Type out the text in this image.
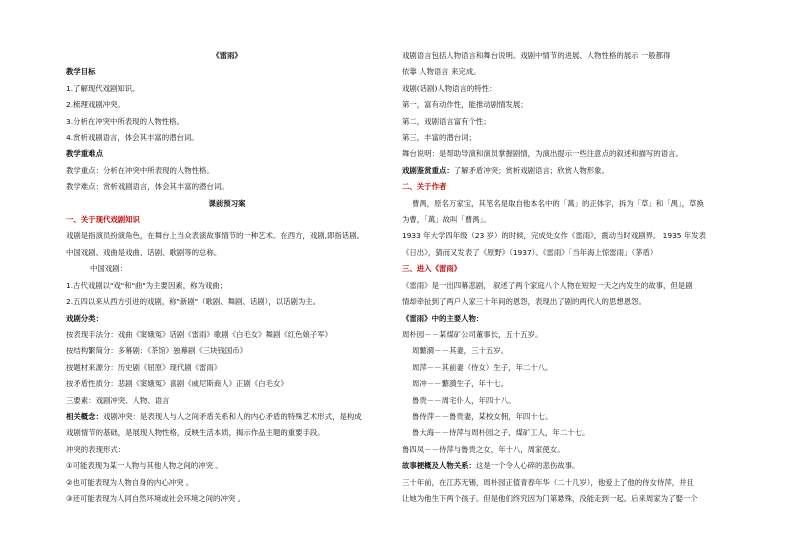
《雷雨》
教学目标
1.了解现代戏剧知识。
2.梳理戏剧冲突。
3.分析在冲突中所表现的人物性格。
4.赏析戏剧语言，体会其丰富的潜台词。
教学重难点
教学重点：分析在冲突中所表现的人物性格。
教学难点：赏析戏剧语言，体会其丰富的潜台词。
课前预习案
一、关于现代戏剧知识
戏剧是指演员扮演角色，在舞台上当众表演故事情节的一种艺术。在西方，戏剧,即指话剧。
中国戏剧、戏曲是戏曲、话剧、歌剧等的总称。
中国戏剧：
1.古代戏剧以"戏"和"曲"为主要因素，称为戏曲；
2.五四以来从西方引进的戏剧，称"新剧"（歌剧、舞剧、话剧），以话剧为主。
戏剧分类：
按表现手法分：戏曲《窦娥冤》话剧《雷雨》歌剧《白毛女》舞剧《红色娘子军》
按结构繁简分：多幕剧：《茶馆》独幕剧《三块钱国币》
按题材来源分：历史剧《屈原》现代剧《雷雨》
按矛盾性质分：悲剧《窦娥冤》喜剧《威尼斯商人》正剧《白毛女》
三要素：戏剧冲突、人物、语言
相关概念：戏剧冲突：是表现人与人之间矛盾关系和人的内心矛盾的特殊艺术形式，是构成
戏剧情节的基础，是展现人物性格，反映生活本质，揭示作品主题的重要手段。
冲突的表现形式：
①可能表现为某一人物与其他人物之间的冲突 。
②也可能表现为人物自身的内心冲突 。
③还可能表现为人同自然环境或社会环境之间的冲突 。
戏剧语言包括人物语言和舞台说明。戏剧中情节的进展、人物性格的展示 一般都得
依靠 人物语言 来完成。
戏剧(话剧)人物语言的特性：
第一，富有动作性，能推动剧情发展；
第二，戏剧语言富有个性；
第三，丰富的潜台词；
舞台说明：是帮助导演和演员掌握剧情，为演出提示一些注意点的叙述和描写的语言。
戏剧鉴赏重点：了解矛盾冲突；赏析戏剧语言；欣赏人物形象。
二、关于作者
曹禺，原名万家宝，其笔名是取自他本名中的「萬」的正体字，拆为「草」和「禺」，草换
为曹，「萬」故叫「曹禺」。
1933 年大学四年级（23 岁）的时候，完成处女作《雷雨》，震动当时戏剧界。 1935 年发表
《日出》，猜而又发表了《原野》（1937）、《雷雨》「当年海上惊雷雨」（茅盾）
三、进入《雷雨》
《雷雨》是一出四幕悲剧， 叙述了两个家庭八个人物在短短一天之内发生的故事，但是剧
情却牵扯到了两户人家三十年间的恩怨，表现出了剧的两代人的思想恩怨。
《雷雨》中的主要人物：
周朴园－－某煤矿公司董事长，五十五岁。
周蘩漪－－其妻，三十五岁。
周萍－－其前妻（侍女）生子，年二十八。
周冲－－蘩漪生子，年十七。
鲁贵－－周宅仆人，年四十八。
鲁侍萍－－鲁贵妻，某校女佣，年四十七。
鲁大海－－侍萍与周朴园之子，煤矿工人，年二十七。
鲁四凤－－侍萍与鲁贵之女，年十八，周家使女。
故事梗概及人物关系：这是一个令人心碎的悲伤故事。
三十年前，在江苏无锡，周朴园正值青春年华（二十几岁），他爱上了他的侍女侍萍，并且
让她为他生下两个孩子。但是他们终究因为门第悬殊，没能走到一起。后来周家为了娶一个
